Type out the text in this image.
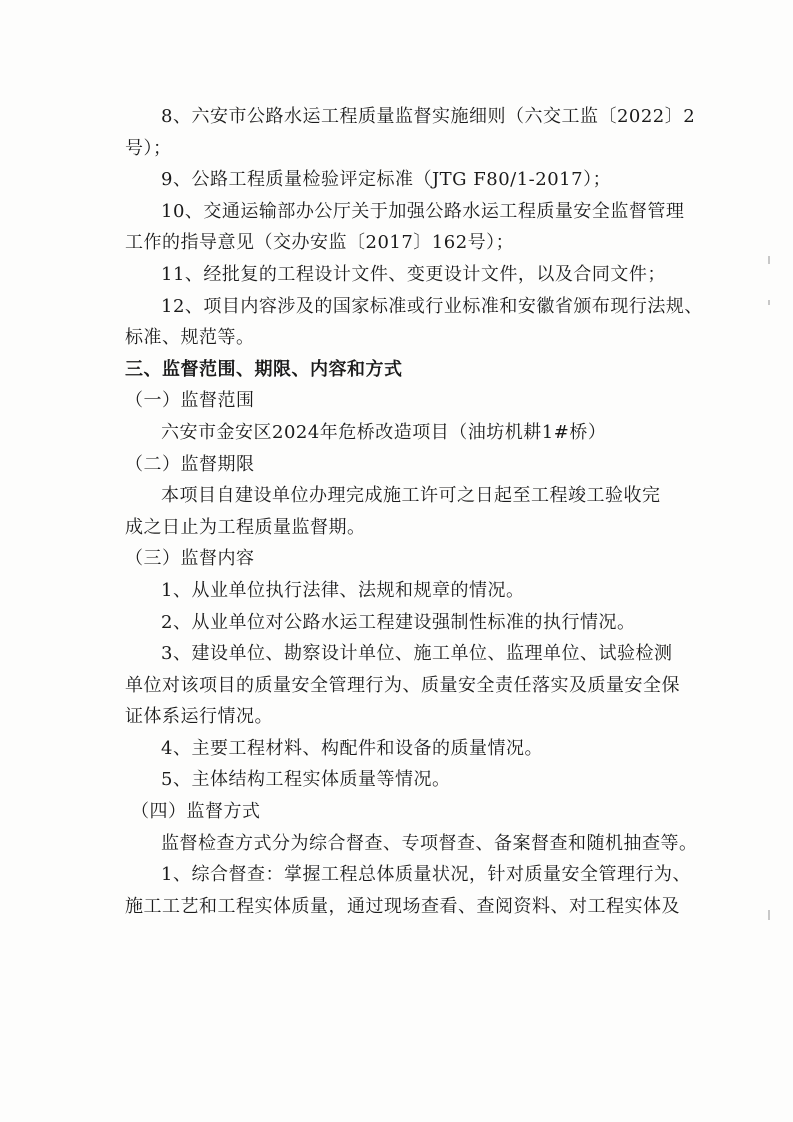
8、六安市公路水运工程质量监督实施细则（六交工监〔2022〕2
号）；
9、公路工程质量检验评定标准（JTG F80/1-2017）；
10、交通运输部办公厅关于加强公路水运工程质量安全监督管理
工作的指导意见（交办安监〔2017〕162号）；
11、经批复的工程设计文件、变更设计文件，以及合同文件；
12、项目内容涉及的国家标准或行业标准和安徽省颁布现行法规、
标准、规范等。
三、监督范围、期限、内容和方式
（一）监督范围
六安市金安区2024年危桥改造项目（油坊机耕1#桥）
（二）监督期限
本项目自建设单位办理完成施工许可之日起至工程竣工验收完
成之日止为工程质量监督期。
（三）监督内容
1、从业单位执行法律、法规和规章的情况。
2、从业单位对公路水运工程建设强制性标准的执行情况。
3、建设单位、勘察设计单位、施工单位、监理单位、试验检测
单位对该项目的质量安全管理行为、质量安全责任落实及质量安全保
证体系运行情况。
4、主要工程材料、构配件和设备的质量情况。
5、主体结构工程实体质量等情况。
（四）监督方式
监督检查方式分为综合督查、专项督查、备案督查和随机抽查等。
1、综合督查：掌握工程总体质量状况，针对质量安全管理行为、
施工工艺和工程实体质量，通过现场查看、查阅资料、对工程实体及
